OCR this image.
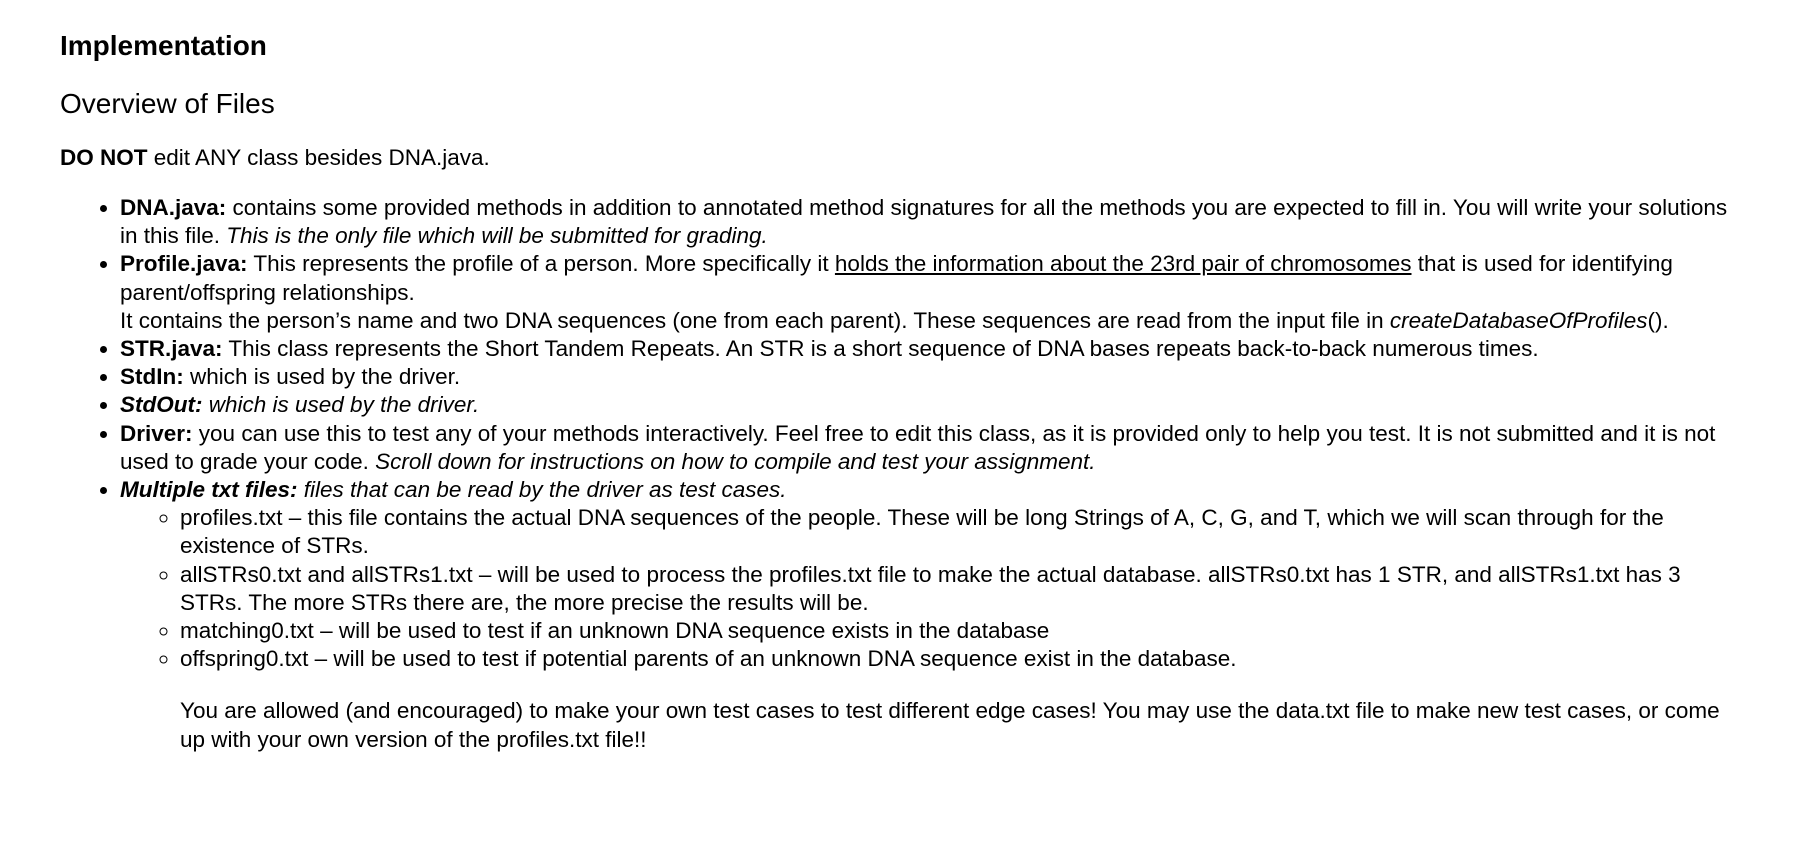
Implementation
Overview of Files

DO NOT edit ANY class besides DNA.java.

• DNA.java: contains some provided methods in addition to annotated method signatures for all the methods you are expected to fill in. You will write your solutions in this file. This is the only file which will be submitted for grading.
• Profile.java: This represents the profile of a person. More specifically it holds the information about the 23rd pair of chromosomes that is used for identifying parent/offspring relationships.
It contains the person’s name and two DNA sequences (one from each parent). These sequences are read from the input file in createDatabaseOfProfiles().
• STR.java: This class represents the Short Tandem Repeats. An STR is a short sequence of DNA bases repeats back-to-back numerous times.
• StdIn: which is used by the driver.
• StdOut: which is used by the driver.
• Driver: you can use this to test any of your methods interactively. Feel free to edit this class, as it is provided only to help you test. It is not submitted and it is not used to grade your code. Scroll down for instructions on how to compile and test your assignment.
• Multiple txt files: files that can be read by the driver as test cases.
◦ profiles.txt – this file contains the actual DNA sequences of the people. These will be long Strings of A, C, G, and T, which we will scan through for the existence of STRs.
◦ allSTRs0.txt and allSTRs1.txt – will be used to process the profiles.txt file to make the actual database. allSTRs0.txt has 1 STR, and allSTRs1.txt has 3 STRs. The more STRs there are, the more precise the results will be.
◦ matching0.txt – will be used to test if an unknown DNA sequence exists in the database
◦ offspring0.txt – will be used to test if potential parents of an unknown DNA sequence exist in the database.

You are allowed (and encouraged) to make your own test cases to test different edge cases! You may use the data.txt file to make new test cases, or come up with your own version of the profiles.txt file!!
